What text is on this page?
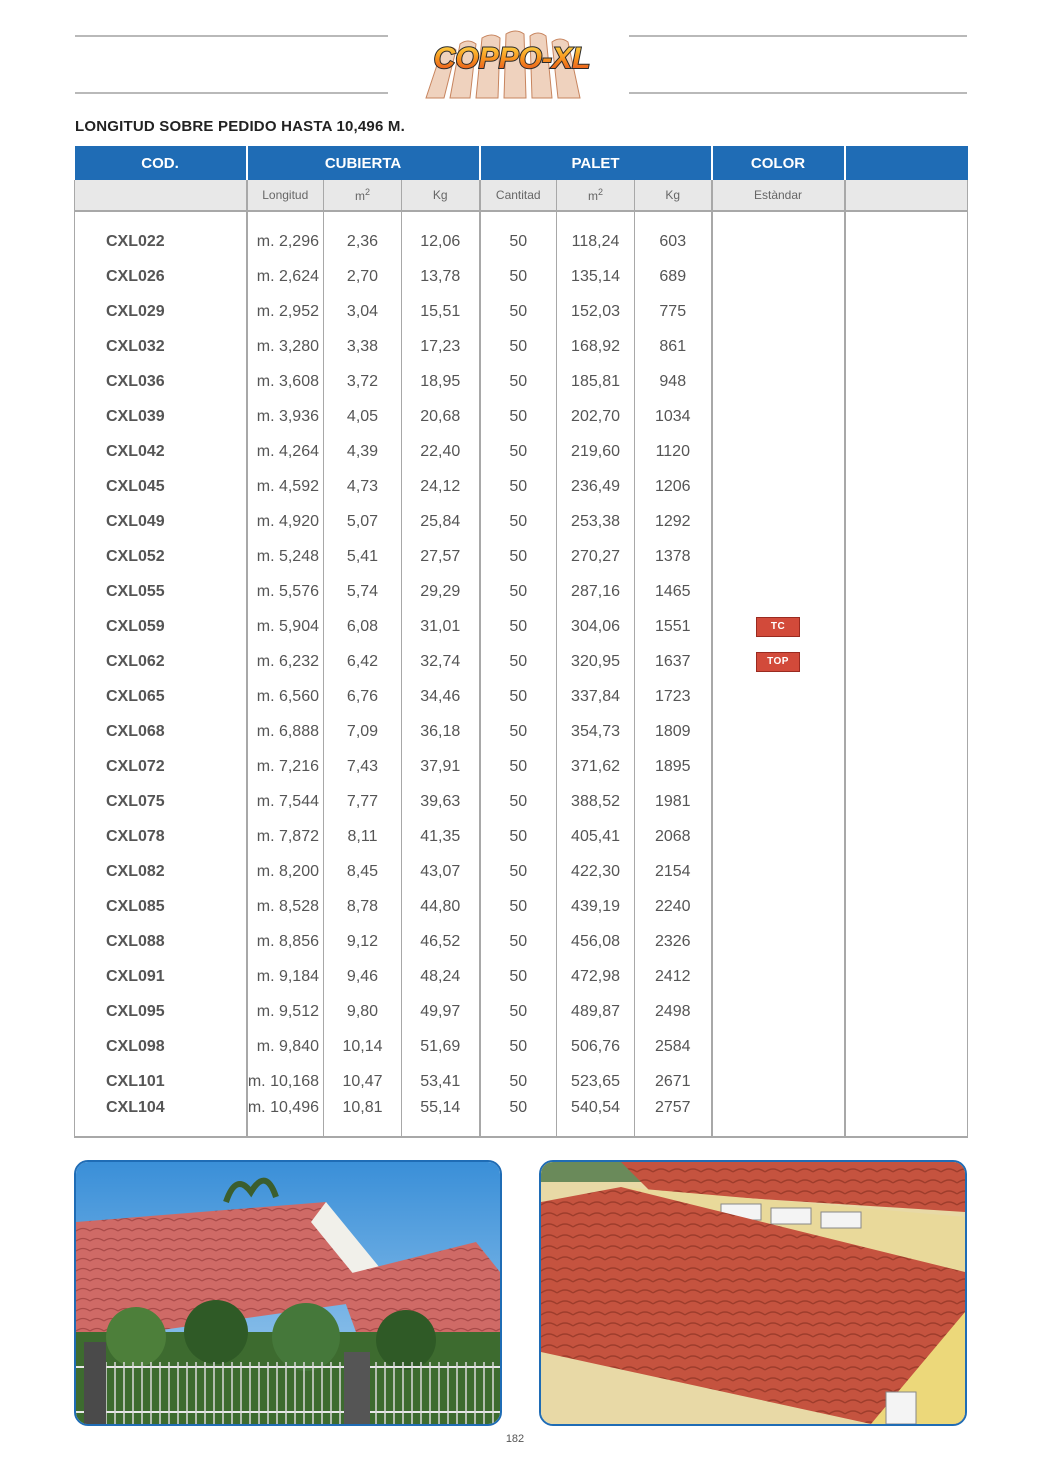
COPPO-XL
LONGITUD SOBRE PEDIDO HASTA 10,496 M.
COD.	CUBIERTA			PALET			COLOR	
	Longitud	$m^2$	Kg	Cantitad	$m^2$	Kg	Estàndar	

CXL022	m. 2,296	2,36	12,06	50	118,24	603		
CXL026	m. 2,624	2,70	13,78	50	135,14	689		
CXL029	m. 2,952	3,04	15,51	50	152,03	775		
CXL032	m. 3,280	3,38	17,23	50	168,92	861		
CXL036	m. 3,608	3,72	18,95	50	185,81	948		
CXL039	m. 3,936	4,05	20,68	50	202,70	1034		
CXL042	m. 4,264	4,39	22,40	50	219,60	1120		
CXL045	m. 4,592	4,73	24,12	50	236,49	1206		
CXL049	m. 4,920	5,07	25,84	50	253,38	1292		
CXL052	m. 5,248	5,41	27,57	50	270,27	1378		
CXL055	m. 5,576	5,74	29,29	50	287,16	1465		
CXL059	m. 5,904	6,08	31,01	50	304,06	1551	TC	
CXL062	m. 6,232	6,42	32,74	50	320,95	1637	TOP	
CXL065	m. 6,560	6,76	34,46	50	337,84	1723		
CXL068	m. 6,888	7,09	36,18	50	354,73	1809		
CXL072	m. 7,216	7,43	37,91	50	371,62	1895		
CXL075	m. 7,544	7,77	39,63	50	388,52	1981		
CXL078	m. 7,872	8,11	41,35	50	405,41	2068		
CXL082	m. 8,200	8,45	43,07	50	422,30	2154		
CXL085	m. 8,528	8,78	44,80	50	439,19	2240		
CXL088	m. 8,856	9,12	46,52	50	456,08	2326		
CXL091	m. 9,184	9,46	48,24	50	472,98	2412		
CXL095	m. 9,512	9,80	49,97	50	489,87	2498		
CXL098	m. 9,840	10,14	51,69	50	506,76	2584		
CXL101	m. 10,168	10,47	53,41	50	523,65	2671		
CXL104	m. 10,496	10,81	55,14	50	540,54	2757		
182
